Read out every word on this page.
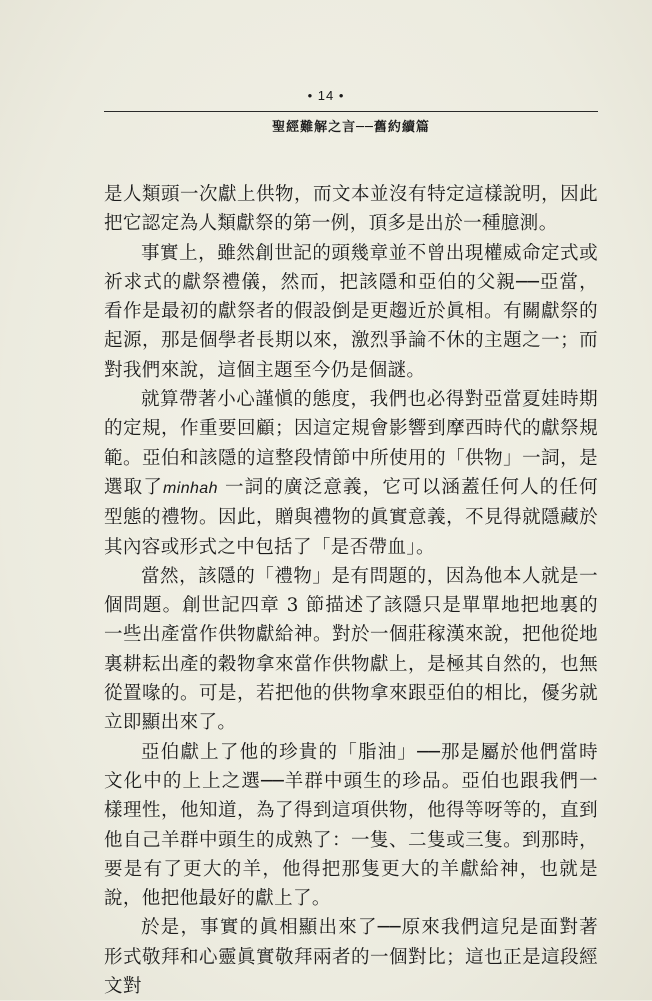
• 14 •
聖經難解之言──舊約續篇

是人類頭一次獻上供物，而文本並沒有特定這樣說明，因此把它認定為人類獻祭的第一例，頂多是出於一種臆測。

事實上，雖然創世記的頭幾章並不曾出現權威命定式或祈求式的獻祭禮儀，然而，把該隱和亞伯的父親──亞當，看作是最初的獻祭者的假設倒是更趨近於眞相。有關獻祭的起源，那是個學者長期以來，激烈爭論不休的主題之一；而對我們來說，這個主題至今仍是個謎。

就算帶著小心謹愼的態度，我們也必得對亞當夏娃時期的定規，作重要回顧；因這定規會影響到摩西時代的獻祭規範。亞伯和該隱的這整段情節中所使用的「供物」一詞，是選取了minhah 一詞的廣泛意義，它可以涵蓋任何人的任何型態的禮物。因此，贈與禮物的眞實意義，不見得就隱藏於其內容或形式之中包括了「是否帶血」。

當然，該隱的「禮物」是有問題的，因為他本人就是一個問題。創世記四章 3 節描述了該隱只是單單地把地裏的一些出產當作供物獻給神。對於一個莊稼漢來說，把他從地裏耕耘出產的穀物拿來當作供物獻上，是極其自然的，也無從置喙的。可是，若把他的供物拿來跟亞伯的相比，優劣就立即顯出來了。

亞伯獻上了他的珍貴的「脂油」──那是屬於他們當時文化中的上上之選──羊群中頭生的珍品。亞伯也跟我們一樣理性，他知道，為了得到這項供物，他得等呀等的，直到他自己羊群中頭生的成熟了：一隻、二隻或三隻。到那時，要是有了更大的羊，他得把那隻更大的羊獻給神，也就是說，他把他最好的獻上了。

於是，事實的眞相顯出來了──原來我們這兒是面對著形式敬拜和心靈眞實敬拜兩者的一個對比；這也正是這段經文對
